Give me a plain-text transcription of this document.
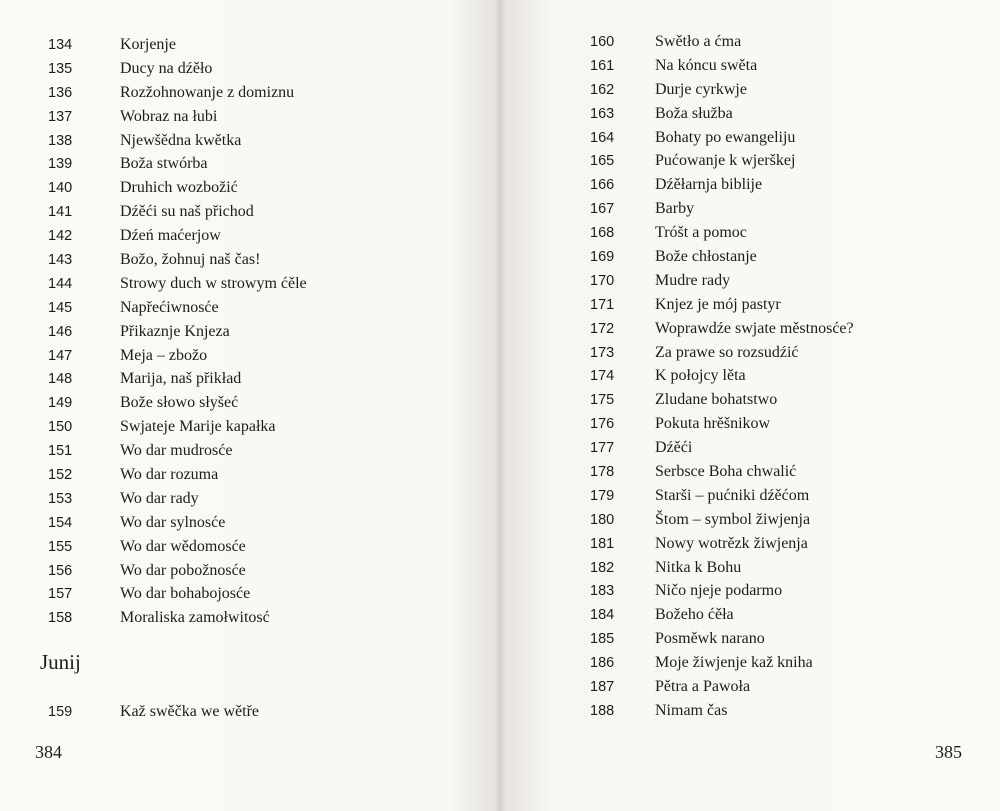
134	Korjenje
135	Ducy na dźěło
136	Rozžohnowanje z domiznu
137	Wobraz na łubi
138	Njewšědna kwětka
139	Boža stwórba
140	Druhich wozbožić
141	Dźěći su naš přichod
142	Dźeń maćerjow
143	Božo, žohnuj naš čas!
144	Strowy duch w strowym ćěle
145	Napřećiwnosće
146	Přikaznje Knjeza
147	Meja – zbožo
148	Marija, naš přikład
149	Bože słowo słyšeć
150	Swjateje Marije kapałka
151	Wo dar mudrosće
152	Wo dar rozuma
153	Wo dar rady
154	Wo dar sylnosće
155	Wo dar wědomosće
156	Wo dar pobožnosće
157	Wo dar bohabojosće
158	Moraliska zamołwitosć
Junij
159	Kaž swěčka we wětře
384
160	Swětło a ćma
161	Na kóncu swěta
162	Durje cyrkwje
163	Boža słužba
164	Bohaty po ewangeliju
165	Pućowanje k wjerškej
166	Dźěłarnja biblije
167	Barby
168	Tróšt a pomoc
169	Bože chłostanje
170	Mudre rady
171	Knjez je mój pastyr
172	Woprawdźe swjate městnosće?
173	Za prawe so rozsudźić
174	K połojcy lěta
175	Zludane bohatstwo
176	Pokuta hrěšnikow
177	Dźěći
178	Serbsce Boha chwalić
179	Starši – pućniki dźěćom
180	Štom – symbol žiwjenja
181	Nowy wotrězk žiwjenja
182	Nitka k Bohu
183	Ničo njeje podarmo
184	Božeho ćěła
185	Posměwk narano
186	Moje žiwjenje kaž kniha
187	Pětra a Pawoła
188	Nimam čas
385
